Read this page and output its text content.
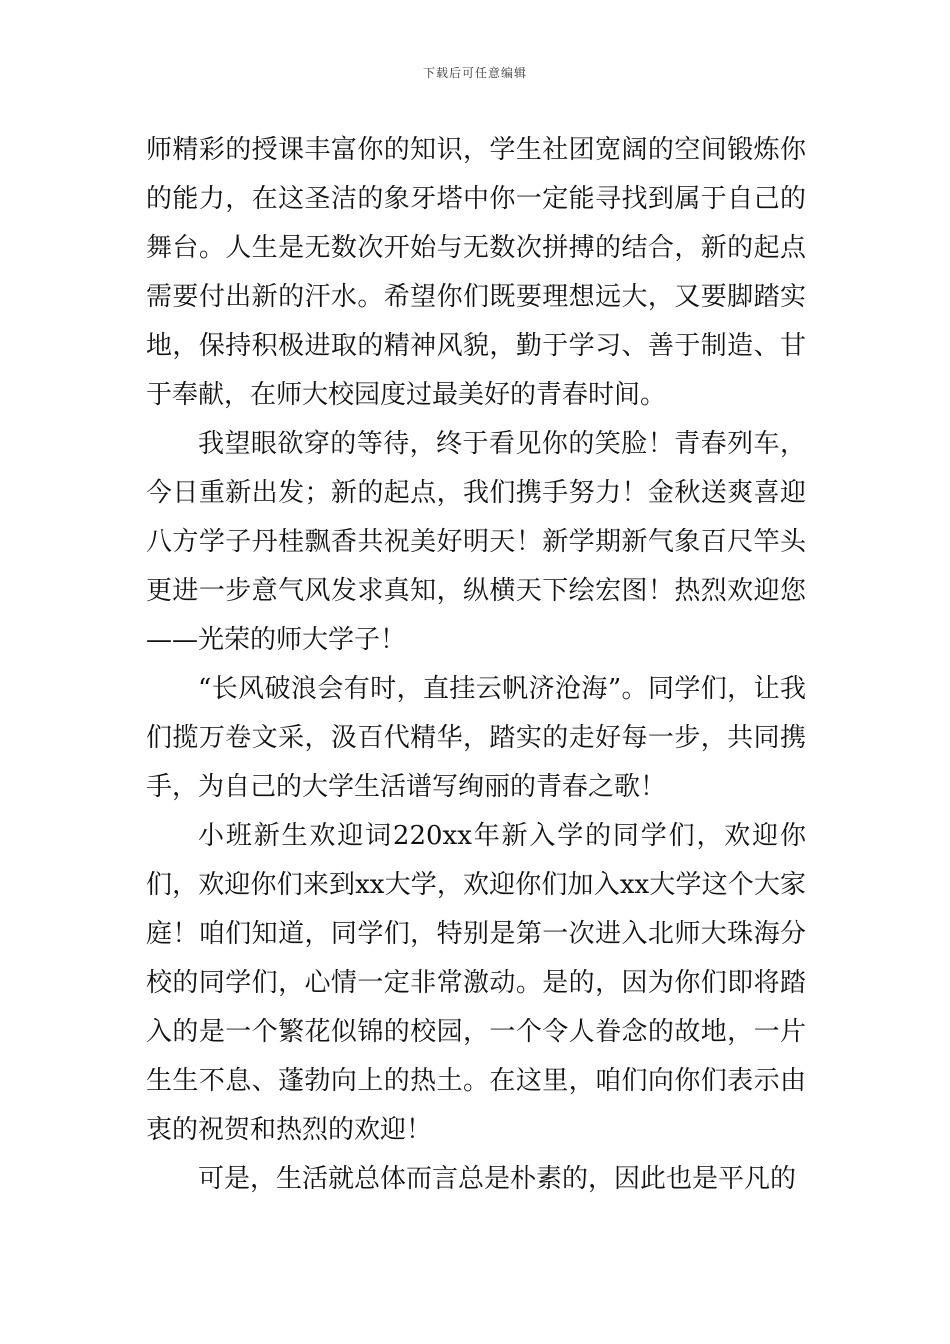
下载后可任意编辑

师精彩的授课丰富你的知识，学生社团宽阔的空间锻炼你的能力，在这圣洁的象牙塔中你一定能寻找到属于自己的舞台。人生是无数次开始与无数次拼搏的结合，新的起点需要付出新的汗水。希望你们既要理想远大，又要脚踏实地，保持积极进取的精神风貌，勤于学习、善于制造、甘于奉献，在师大校园度过最美好的青春时间。

我望眼欲穿的等待，终于看见你的笑脸！青春列车，今日重新出发；新的起点，我们携手努力！金秋送爽喜迎八方学子丹桂飘香共祝美好明天！新学期新气象百尺竿头更进一步意气风发求真知，纵横天下绘宏图！热烈欢迎您——光荣的师大学子！

“长风破浪会有时，直挂云帆济沧海”。同学们，让我们揽万卷文采，汲百代精华，踏实的走好每一步，共同携手，为自己的大学生活谱写绚丽的青春之歌！

小班新生欢迎词220xx年新入学的同学们，欢迎你们，欢迎你们来到xx大学，欢迎你们加入xx大学这个大家庭！咱们知道，同学们，特别是第一次进入北师大珠海分校的同学们，心情一定非常激动。是的，因为你们即将踏入的是一个繁花似锦的校园，一个令人眷念的故地，一片生生不息、蓬勃向上的热土。在这里，咱们向你们表示由衷的祝贺和热烈的欢迎！

可是，生活就总体而言总是朴素的，因此也是平凡的
